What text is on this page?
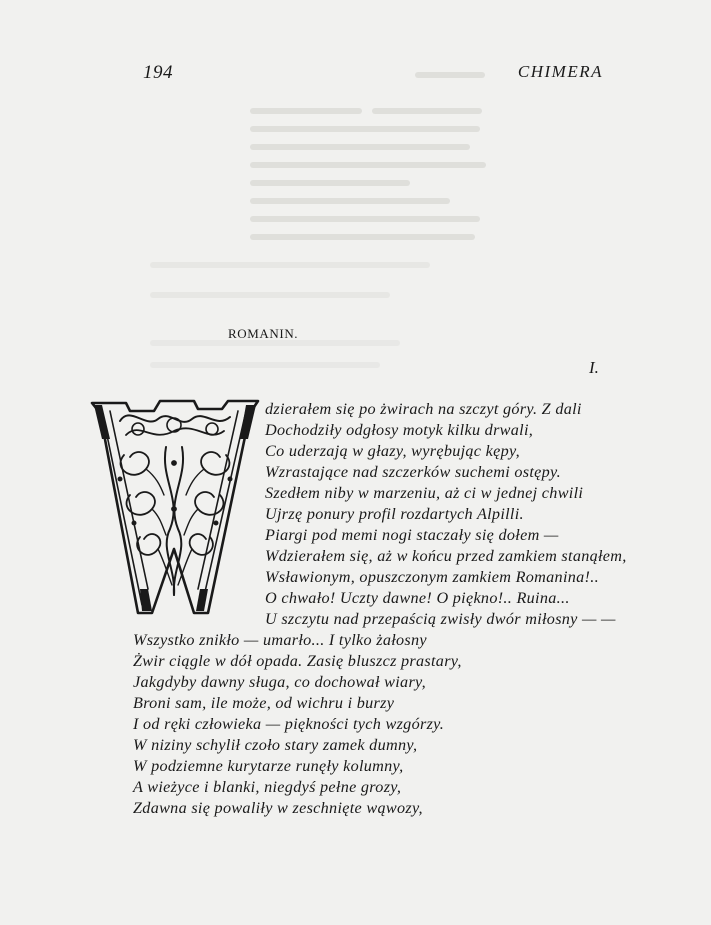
194	CHIMERA
ROMANIN.
I.
dzierałem się po żwirach na szczyt góry. Z dali
Dochodziły odgłosy motyk kilku drwali,
Co uderzają w głazy, wyrębując kępy,
Wzrastające nad szczerków suchemi ostępy.
Szedłem niby w marzeniu, aż ci w jednej chwili
Ujrzę ponury profil rozdartych Alpilli.
Piargi pod memi nogi staczały się dołem —
Wdzierałem się, aż w końcu przed zamkiem stanąłem,
Wsławionym, opuszczonym zamkiem Romanina!..
O chwało! Uczty dawne! O piękno!.. Ruina...
U szczytu nad przepaścią zwisły dwór miłosny — —
Wszystko znikło — umarło... I tylko żałosny
Żwir ciągle w dół opada. Zasię bluszcz prastary,
Jakgdyby dawny sługa, co dochował wiary,
Broni sam, ile może, od wichru i burzy
I od ręki człowieka — piękności tych wzgórzy.
W niziny schylił czoło stary zamek dumny,
W podziemne kurytarze runęły kolumny,
A wieżyce i blanki, niegdyś pełne grozy,
Zdawna się powaliły w zeschnięte wąwozy,
